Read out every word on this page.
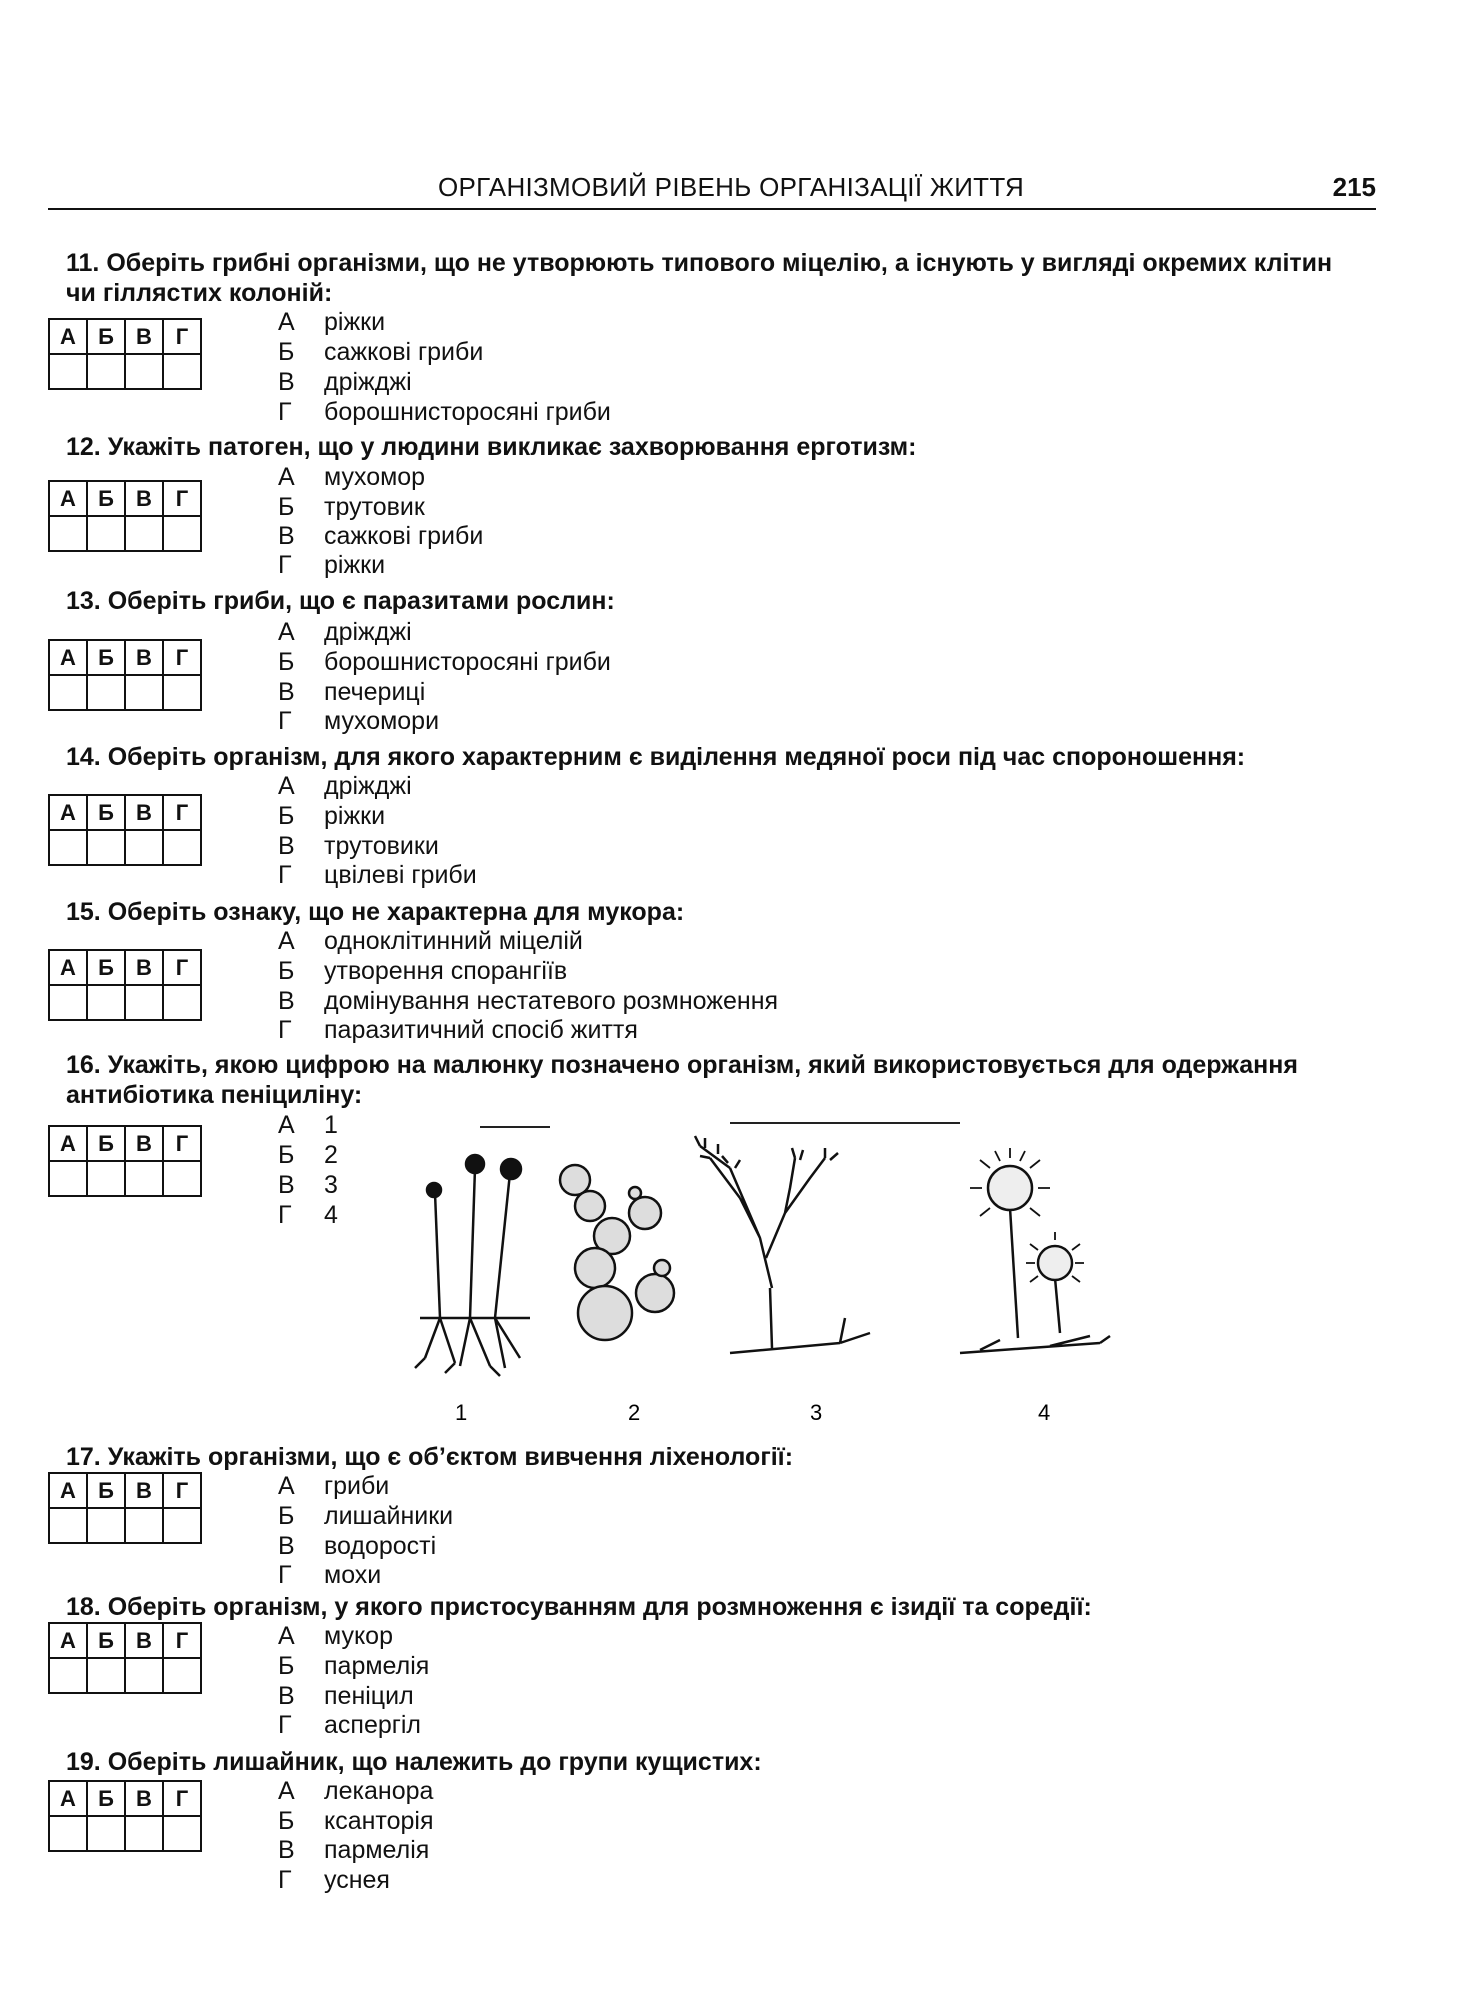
ОРГАНІЗМОВИЙ РІВЕНЬ ОРГАНІЗАЦІЇ ЖИТТЯ	215
11. Оберіть грибні організми, що не утворюють типового міцелію, а існують у вигляді окремих клітин чи гіллястих колоній:
А	Б	В	Г
				А	ріжки
Б	сажкові гриби
В	дріжджі
Г	борошнисторосяні гриби
12. Укажіть патоген, що у людини викликає захворювання ерготизм:
А	Б	В	Г

А	мухомор
Б	трутовик
В	сажкові гриби
Г	ріжки
13. Оберіть гриби, що є паразитами рослин:
А	Б	В	Г

А	дріжджі
Б	борошнисторосяні гриби
В	печериці
Г	мухомори
14. Оберіть організм, для якого характерним є виділення медяної роси під час спороношення:
А	Б	В	Г

А	дріжджі
Б	ріжки
В	трутовики
Г	цвілеві гриби
15. Оберіть ознаку, що не характерна для мукора:
А	Б	В	Г

А	одноклітинний міцелій
Б	утворення спорангіїв
В	домінування нестатевого розмноження
Г	паразитичний спосіб життя
16. Укажіть, якою цифрою на малюнку позначено організм, який використовується для одержання антибіотика пеніциліну:
А	Б	В	Г

А	1
Б	2
В	3
Г	4
1	2	3	4
17. Укажіть організми, що є об’єктом вивчення ліхенології:
А	Б	В	Г
				А	гриби
Б	лишайники
В	водорості
Г	мохи
18. Оберіть організм, у якого пристосуванням для розмноження є ізидії та соредії:
А	Б	В	Г
				А	мукор
Б	пармелія
В	пеніцил
Г	аспергіл
19. Оберіть лишайник, що належить до групи кущистих:
А	Б	В	Г
				А	леканора
Б	ксанторія
В	пармелія
Г	уснея
